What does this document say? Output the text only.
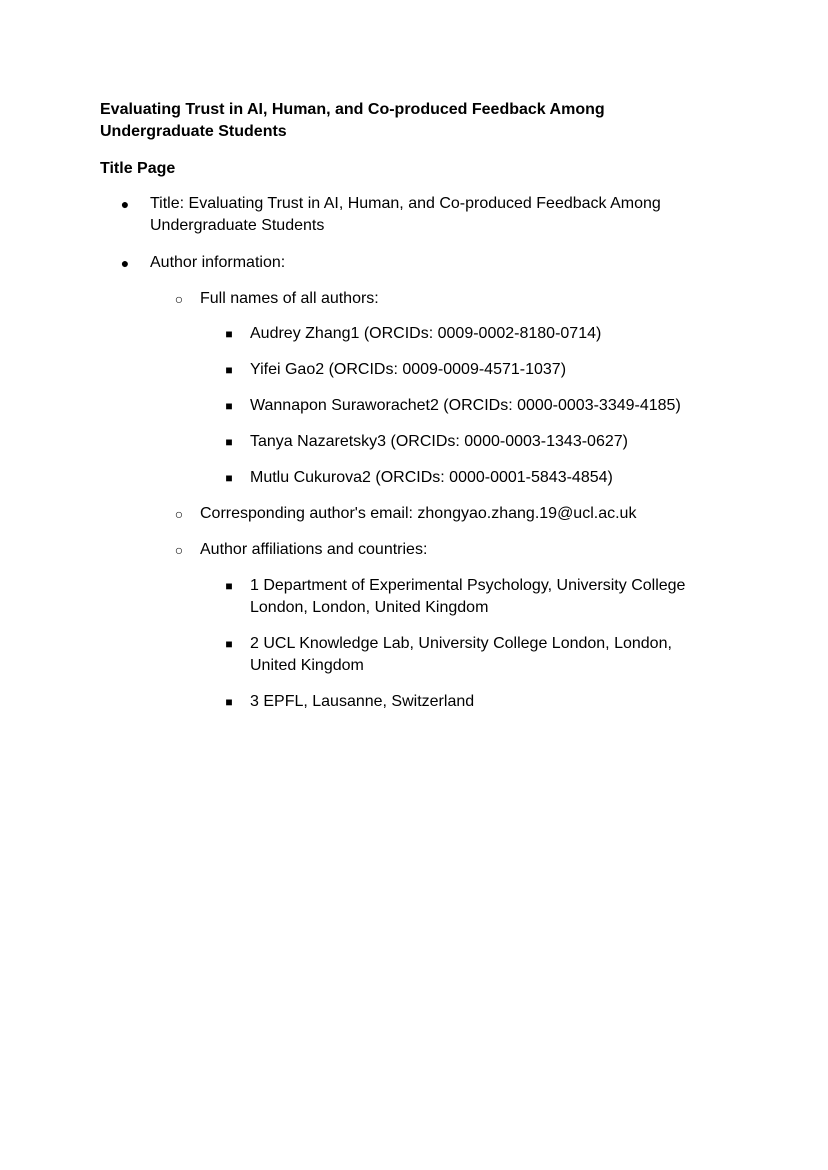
Evaluating Trust in AI, Human, and Co-produced Feedback Among Undergraduate Students
Title Page
● Title: Evaluating Trust in AI, Human, and Co-produced Feedback Among Undergraduate Students
● Author information:
○ Full names of all authors:
■ Audrey Zhang1 (ORCIDs: 0009-0002-8180-0714)
■ Yifei Gao2 (ORCIDs: 0009-0009-4571-1037)
■ Wannapon Suraworachet2 (ORCIDs: 0000-0003-3349-4185)
■ Tanya Nazaretsky3 (ORCIDs: 0000-0003-1343-0627)
■ Mutlu Cukurova2 (ORCIDs: 0000-0001-5843-4854)
○ Corresponding author's email: zhongyao.zhang.19@ucl.ac.uk
○ Author affiliations and countries:
■ 1 Department of Experimental Psychology, University College London, London, United Kingdom
■ 2 UCL Knowledge Lab, University College London, London, United Kingdom
■ 3 EPFL, Lausanne, Switzerland
